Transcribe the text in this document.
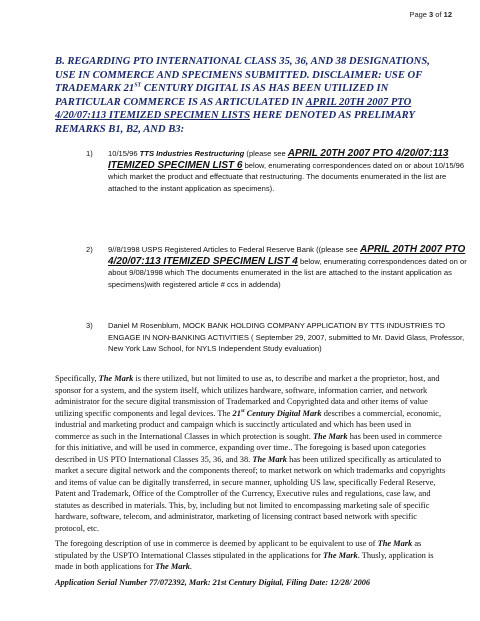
Page 3 of 12

B. REGARDING PTO INTERNATIONAL CLASS 35, 36, AND 38 DESIGNATIONS, USE IN COMMERCE AND SPECIMENS SUBMITTED. DISCLAIMER: USE OF TRADEMARK 21ST CENTURY DIGITAL IS AS HAS BEEN UTILIZED IN PARTICULAR COMMERCE IS AS ARTICULATED IN APRIL 20TH 2007 PTO 4/20/07:113 ITEMIZED SPECIMEN LISTS HERE DENOTED AS PRELIMARY REMARKS B1, B2, AND B3:

1) 10/15/96 TTS Industries Restructuring (please see APRIL 20TH 2007 PTO 4/20/07:113 ITEMIZED SPECIMEN LIST 6 below, enumerating correspondences dated on or about 10/15/96 which market the product and effectuate that restructuring. The documents enumerated in the list are attached to the instant application as specimens).

2) 9//8/1998 USPS Registered Articles to Federal Reserve Bank ((please see APRIL 20TH 2007 PTO 4/20/07:113 ITEMIZED SPECIMEN LIST 4 below, enumerating correspondences dated on or about 9/08/1998 which The documents enumerated in the list are attached to the instant application as specimens)with registered article # ccs in addenda)

3) Daniel M Rosenblum, MOCK BANK HOLDING COMPANY APPLICATION BY TTS INDUSTRIES TO ENGAGE IN NON-BANKING ACTIVITIES ( September 29, 2007, submitted to Mr. David Glass, Professor, New York Law School, for NYLS Independent Study evaluation)

Specifically, The Mark is there utilized, but not limited to use as, to describe and market a the proprietor, host, and sponsor for a system, and the system itself, which utilizes hardware, software, information carrier, and network administrator for the secure digital transmission of Trademarked and Copyrighted data and other items of value utilizing specific components and legal devices. The 21st Century Digital Mark describes a commercial, economic, industrial and marketing product and campaign which is succinctly articulated and which has been used in commerce as such in the International Classes in which protection is sought. The Mark has been used in commerce for this initiative, and will be used in commerce, expanding over time.. The foregoing is based upon categories described in US PTO International Classes 35, 36, and 38. The Mark has been utilized specifically as articulated to market a secure digital network and the components thereof; to market network on which trademarks and copyrights and items of value can be digitally transferred, in secure manner, upholding US law, specifically Federal Reserve, Patent and Trademark, Office of the Comptroller of the Currency, Executive rules and regulations, case law, and statutes as described in materials. This, by, including but not limited to encompassing marketing sale of specific hardware, software, telecom, and administrator, marketing of licensing contract based network with specific protocol, etc.

The foregoing description of use in commerce is deemed by applicant to be equivalent to use of The Mark as stipulated by the USPTO International Classes stipulated in the applications for The Mark. Thusly, application is made in both applications for The Mark.

Application Serial Number 77/072392, Mark: 21st Century Digital, Filing Date: 12/28/ 2006
